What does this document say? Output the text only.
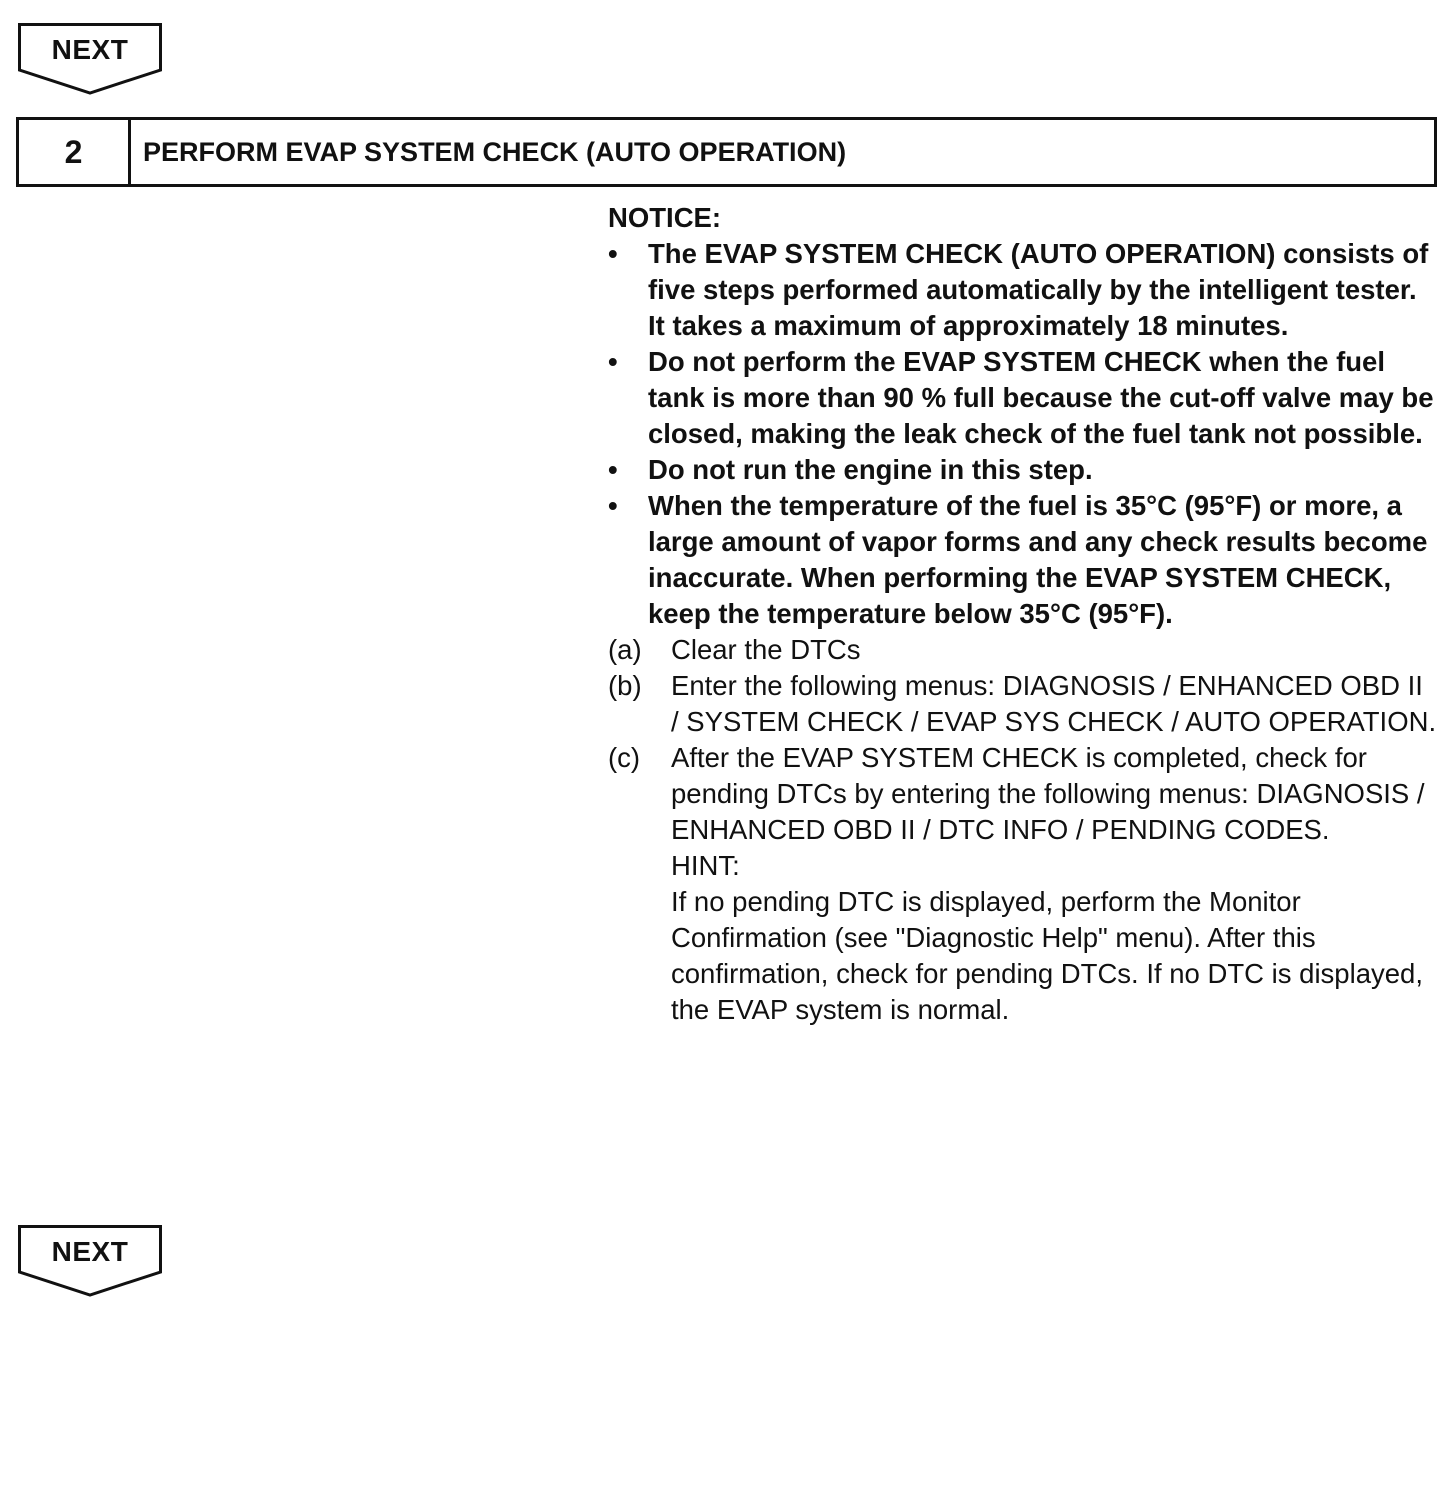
NEXT
2	PERFORM EVAP SYSTEM CHECK (AUTO OPERATION)
NOTICE:
•	The EVAP SYSTEM CHECK (AUTO OPERATION) consists of five steps performed automatically by the intelligent tester. It takes a maximum of approximately 18 minutes.
•	Do not perform the EVAP SYSTEM CHECK when the fuel tank is more than 90 % full because the cut-off valve may be closed, making the leak check of the fuel tank not possible.
•	Do not run the engine in this step.
•	When the temperature of the fuel is 35°C (95°F) or more, a large amount of vapor forms and any check results become inaccurate. When performing the EVAP SYSTEM CHECK, keep the temperature below 35°C (95°F).
(a)	Clear the DTCs
(b)	Enter the following menus: DIAGNOSIS / ENHANCED OBD II / SYSTEM CHECK / EVAP SYS CHECK / AUTO OPERATION.
(c)	After the EVAP SYSTEM CHECK is completed, check for pending DTCs by entering the following menus: DIAGNOSIS / ENHANCED OBD II / DTC INFO / PENDING CODES.
HINT:
If no pending DTC is displayed, perform the Monitor Confirmation (see "Diagnostic Help" menu). After this confirmation, check for pending DTCs. If no DTC is displayed, the EVAP system is normal.
NEXT
